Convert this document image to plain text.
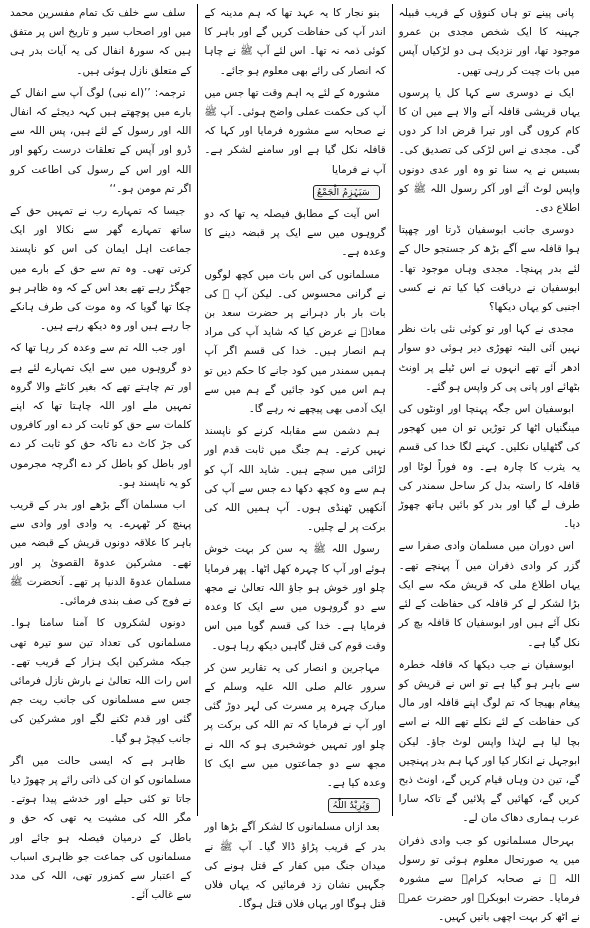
پانی پینے تو ہاں کنوؤں کے قریب قبیلہ جہینہ کا ایک شخص مجدی بن عمرو موجود تھا، اور نزدیک ہی دو لڑکیاں آپس میں بات چیت کر رہی تھیں۔

ایک نے دوسری سے کہا کل یا پرسوں یہاں قریشی قافلہ آنے والا ہے میں ان کا کام کروں گی اور تیرا قرض ادا کر دوں گی۔ مجدی نے اس لڑکی کی تصدیق کی۔ بسبس نے یہ سنا تو وہ اور عدی دونوں واپس لوٹ آئے اور آکر رسول اللہ ﷺ کو اطلاع دی۔

دوسری جانب ابوسفیان ڈرتا اور چھپتا ہوا قافلہ سے آگے بڑھ کر جستجو حال کے لئے بدر پہنچا۔ مجدی وہاں موجود تھا۔ ابوسفیان نے دریافت کیا کیا تم نے کسی اجنبی کو یہاں دیکھا؟

مجدی نے کہا اور تو کوئی نئی بات نظر نہیں آئی البتہ تھوڑی دیر ہوئی دو سوار ادھر آئے تھے انہوں نے اس ٹیلے پر اونٹ بٹھائے اور پانی پی کر واپس ہو گئے۔

ابوسفیان اس جگہ پہنچا اور اونٹوں کی مینگنیاں اٹھا کر توڑیں تو ان میں کھجور کی گٹھلیاں نکلیں۔ کہنے لگا خدا کی قسم یہ یثرب کا چارہ ہے۔ وہ فوراً لوٹا اور قافلہ کا راستہ بدل کر ساحل سمندر کی طرف لے گیا اور بدر کو بائیں ہاتھ چھوڑ دیا۔

اس دوران میں مسلمان وادی صفرا سے گزر کر وادی ذفران میں آ پہنچے تھے۔ یہاں اطلاع ملی کہ قریش مکہ سے ایک بڑا لشکر لے کر قافلہ کی حفاظت کے لئے نکل آئے ہیں اور ابوسفیان کا قافلہ بچ کر نکل گیا ہے۔

ابوسفیان نے جب دیکھا کہ قافلہ خطرہ سے باہر ہو گیا ہے تو اس نے قریش کو پیغام بھیجا کہ تم لوگ اپنے قافلہ اور مال کی حفاظت کے لئے نکلے تھے اللہ نے اسے بچا لیا ہے لہٰذا واپس لوٹ جاؤ۔ لیکن ابوجہل نے انکار کیا اور کہا ہم بدر پہنچیں گے، تین دن وہاں قیام کریں گے، اونٹ ذبح کریں گے، کھائیں گے پلائیں گے تاکہ سارا عرب ہماری دھاک مان لے۔

بہرحال مسلمانوں کو جب وادی ذفران میں یہ صورتحال معلوم ہوئی تو رسول اللہ ﷺ نے صحابہ کرامؓ سے مشورہ فرمایا۔ حضرت ابوبکرؓ اور حضرت عمرؓ نے اٹھ کر بہت اچھی باتیں کہیں۔

بنو نجار کا یہ عہد تھا کہ ہم مدینہ کے اندر آپ کی حفاظت کریں گے اور باہر کا کوئی ذمہ نہ تھا۔ اس لئے آپ ﷺ نے چاہا کہ انصار کی رائے بھی معلوم ہو جائے۔

مشورہ کے لئے یہ اہم وقت تھا جس میں آپ کی حکمت عملی واضح ہوئی۔ آپ ﷺ نے صحابہ سے مشورہ فرمایا اور کہا کہ قافلہ نکل گیا ہے اور سامنے لشکر ہے۔ آپ نے فرمایا

سَیَہْزِمُ الْجَمْعُ

اس آیت کے مطابق فیصلہ یہ تھا کہ دو گروہوں میں سے ایک پر قبضہ دینے کا وعدہ ہے۔

مسلمانوں کی اس بات میں کچھ لوگوں نے گرانی محسوس کی۔ لیکن آپ ﷺ کی بات بار بار دہرانے پر حضرت سعد بن معاذؓ نے عرض کیا کہ شاید آپ کی مراد ہم انصار ہیں۔ خدا کی قسم اگر آپ ہمیں سمندر میں کود جانے کا حکم دیں تو ہم اس میں کود جائیں گے ہم میں سے ایک آدمی بھی پیچھے نہ رہے گا۔

ہم دشمن سے مقابلہ کرنے کو ناپسند نہیں کرتے۔ ہم جنگ میں ثابت قدم اور لڑائی میں سچے ہیں۔ شاید اللہ آپ کو ہم سے وہ کچھ دکھا دے جس سے آپ کی آنکھیں ٹھنڈی ہوں۔ آپ ہمیں اللہ کی برکت پر لے چلیں۔

رسول اللہ ﷺ یہ سن کر بہت خوش ہوئے اور آپ کا چہرہ کھل اٹھا۔ پھر فرمایا چلو اور خوش ہو جاؤ اللہ تعالیٰ نے مجھ سے دو گروہوں میں سے ایک کا وعدہ فرمایا ہے۔ خدا کی قسم گویا میں اس وقت قوم کی قتل گاہیں دیکھ رہا ہوں۔

مہاجرین و انصار کی یہ تقاریر سن کر سرور عالم صلی اللہ علیہ وسلم کے مبارک چہرہ پر مسرت کی لہر دوڑ گئی اور آپ نے فرمایا کہ تم اللہ کی برکت پر چلو اور تمہیں خوشخبری ہو کہ اللہ نے مجھ سے دو جماعتوں میں سے ایک کا وعدہ کیا ہے۔

وَیُرِیْدُ اللّٰہُ

بعد ازاں مسلمانوں کا لشکر آگے بڑھا اور بدر کے قریب پڑاؤ ڈالا گیا۔ آپ ﷺ نے میدان جنگ میں کفار کے قتل ہونے کی جگہیں نشان زد فرمائیں کہ یہاں فلاں قتل ہوگا اور یہاں فلاں قتل ہوگا۔

سلف سے خلف تک تمام مفسرین محمد میں اور اصحاب سیر و تاریخ اس پر متفق ہیں کہ سورۂ انفال کی یہ آیات بدر ہی کے متعلق نازل ہوئی ہیں۔

ترجمہ: ’’(اے نبی) لوگ آپ سے انفال کے بارے میں پوچھتے ہیں کہہ دیجئے کہ انفال اللہ اور رسول کے لئے ہیں، پس اللہ سے ڈرو اور آپس کے تعلقات درست رکھو اور اللہ اور اس کے رسول کی اطاعت کرو اگر تم مومن ہو۔‘‘

جیسا کہ تمہارے رب نے تمہیں حق کے ساتھ تمہارے گھر سے نکالا اور ایک جماعت اہل ایمان کی اس کو ناپسند کرتی تھی۔ وہ تم سے حق کے بارے میں جھگڑ رہے تھے بعد اس کے کہ وہ ظاہر ہو چکا تھا گویا کہ وہ موت کی طرف ہانکے جا رہے ہیں اور وہ دیکھ رہے ہیں۔

اور جب اللہ تم سے وعدہ کر رہا تھا کہ دو گروہوں میں سے ایک تمہارے لئے ہے اور تم چاہتے تھے کہ بغیر کانٹے والا گروہ تمہیں ملے اور اللہ چاہتا تھا کہ اپنے کلمات سے حق کو ثابت کر دے اور کافروں کی جڑ کاٹ دے تاکہ حق کو ثابت کر دے اور باطل کو باطل کر دے اگرچہ مجرموں کو یہ ناپسند ہو۔

اب مسلمان آگے بڑھے اور بدر کے قریب پہنچ کر ٹھہرے۔ یہ وادی اور وادی سے باہر کا علاقہ دونوں قریش کے قبضہ میں تھے۔ مشرکین عدوۃ القصویٰ پر اور مسلمان عدوۃ الدنیا پر تھے۔ آنحضرت ﷺ نے فوج کی صف بندی فرمائی۔

دونوں لشکروں کا آمنا سامنا ہوا۔ مسلمانوں کی تعداد تین سو تیرہ تھی جبکہ مشرکین ایک ہزار کے قریب تھے۔ اس رات اللہ تعالیٰ نے بارش نازل فرمائی جس سے مسلمانوں کی جانب ریت جم گئی اور قدم ٹکنے لگے اور مشرکین کی جانب کیچڑ ہو گیا۔

ظاہر ہے کہ ایسی حالت میں اگر مسلمانوں کو ان کی ذاتی رائے پر چھوڑ دیا جاتا تو کئی حیلے اور خدشے پیدا ہوتے۔ مگر اللہ کی مشیت یہ تھی کہ حق و باطل کے درمیان فیصلہ ہو جائے اور مسلمانوں کی جماعت جو ظاہری اسباب کے اعتبار سے کمزور تھی، اللہ کی مدد سے غالب آئے۔
